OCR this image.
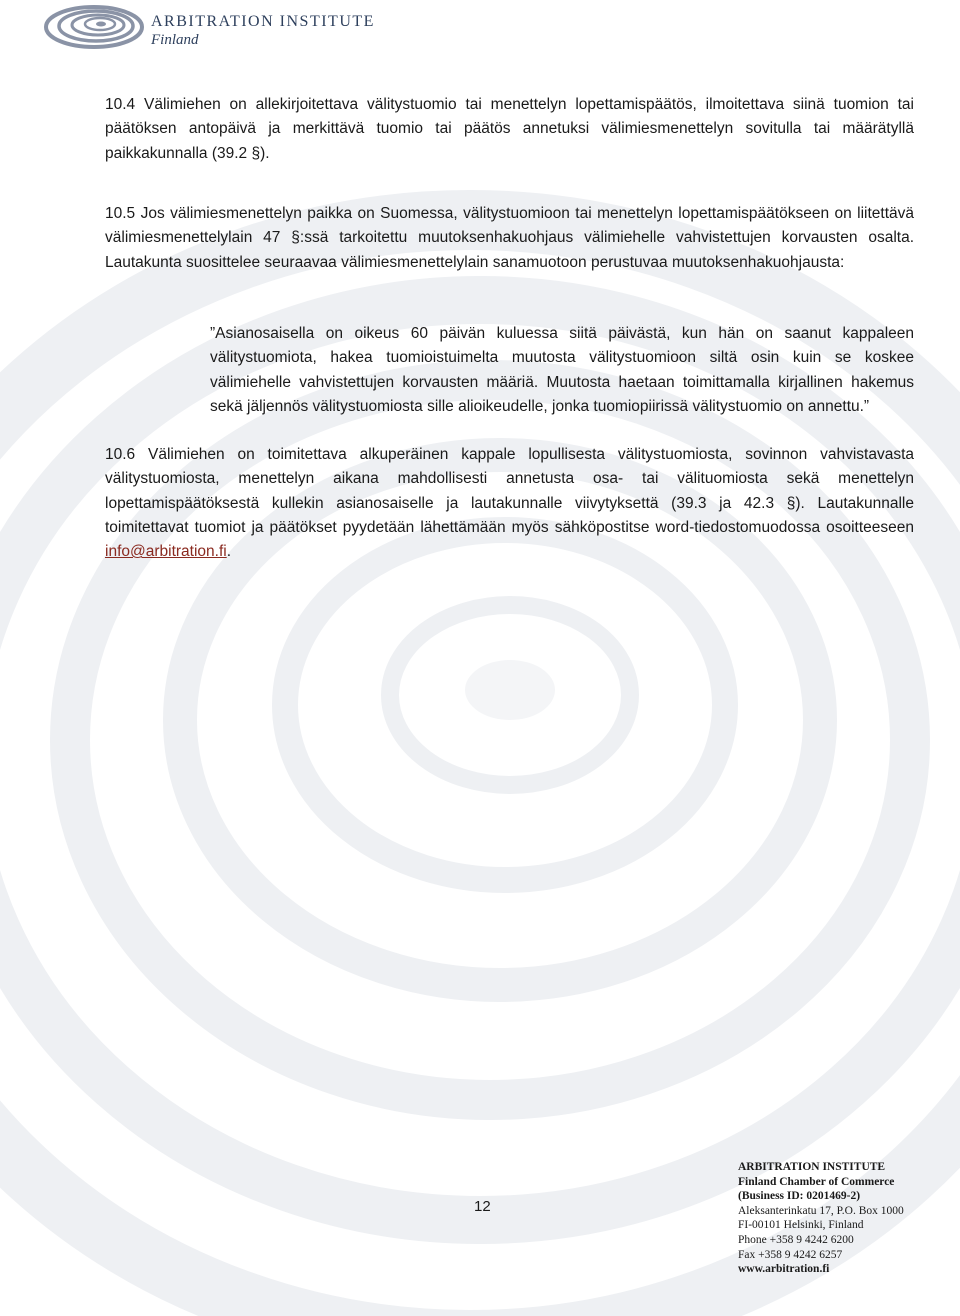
ARBITRATION INSTITUTE
Finland

10.4 Välimiehen on allekirjoitettava välitystuomio tai menettelyn lopettamispäätös, ilmoitettava siinä tuomion tai päätöksen antopäivä ja merkittävä tuomio tai päätös annetuksi välimiesmenettelyn sovitulla tai määrätyllä paikkakunnalla (39.2 §).

10.5 Jos välimiesmenettelyn paikka on Suomessa, välitystuomioon tai menettelyn lopettamispäätökseen on liitettävä välimiesmenettelylain 47 §:ssä tarkoitettu muutoksenhakuohjaus välimiehelle vahvistettujen korvausten osalta. Lautakunta suosittelee seuraavaa välimiesmenettelylain sanamuotoon perustuvaa muutoksenhakuohjausta:

”Asianosaisella on oikeus 60 päivän kuluessa siitä päivästä, kun hän on saanut kappaleen välitystuomiota, hakea tuomioistuimelta muutosta välitystuomioon siltä osin kuin se koskee välimiehelle vahvistettujen korvausten määriä. Muutosta haetaan toimittamalla kirjallinen hakemus sekä jäljennös välitystuomiosta sille alioikeudelle, jonka tuomiopiirissä välitystuomio on annettu.”

10.6 Välimiehen on toimitettava alkuperäinen kappale lopullisesta välitystuomiosta, sovinnon vahvistavasta välitystuomiosta, menettelyn aikana mahdollisesti annetusta osa- tai välituomiosta sekä menettelyn lopettamispäätöksestä kullekin asianosaiselle ja lautakunnalle viivytyksettä (39.3 ja 42.3 §). Lautakunnalle toimitettavat tuomiot ja päätökset pyydetään lähettämään myös sähköpostitse word-tiedostomuodossa osoitteeseen info@arbitration.fi.

12
ARBITRATION INSTITUTE
Finland Chamber of Commerce
(Business ID: 0201469-2)
Aleksanterinkatu 17, P.O. Box 1000
FI-00101 Helsinki, Finland
Phone +358 9 4242 6200
Fax +358 9 4242 6257
www.arbitration.fi
